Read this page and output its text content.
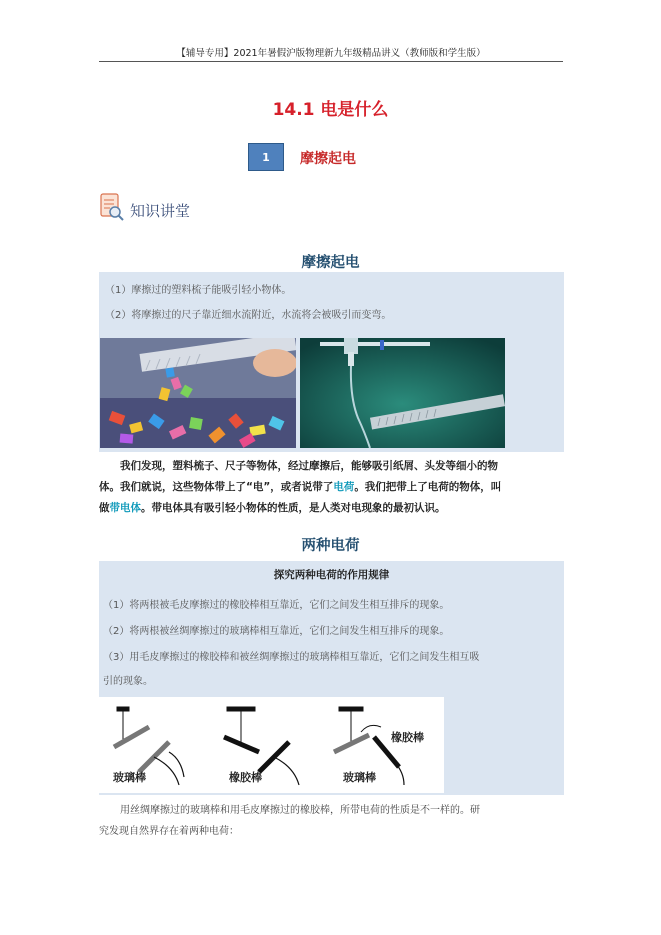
【辅导专用】2021年暑假沪版物理新九年级精品讲义（教师版和学生版）
14.1 电是什么
1	摩擦起电
知识讲堂
摩擦起电
（1）摩擦过的塑料梳子能吸引轻小物体。
（2）将摩擦过的尺子靠近细水流附近，水流将会被吸引而变弯。
我们发现，塑料梳子、尺子等物体，经过摩擦后，能够吸引纸屑、头发等细小的物
体。我们就说，这些物体带上了“电”，或者说带了电荷。我们把带上了电荷的物体，叫
做带电体。带电体具有吸引轻小物体的性质，是人类对电现象的最初认识。
两种电荷
探究两种电荷的作用规律
（1）将两根被毛皮摩擦过的橡胶棒相互靠近，它们之间发生相互排斥的现象。
（2）将两根被丝绸摩擦过的玻璃棒相互靠近，它们之间发生相互排斥的现象。
（3）用毛皮摩擦过的橡胶棒和被丝绸摩擦过的玻璃棒相互靠近，它们之间发生相互吸
引的现象。
玻璃棒	橡胶棒	玻璃棒
橡胶棒
用丝绸摩擦过的玻璃棒和用毛皮摩擦过的橡胶棒，所带电荷的性质是不一样的。研
究发现自然界存在着两种电荷：
